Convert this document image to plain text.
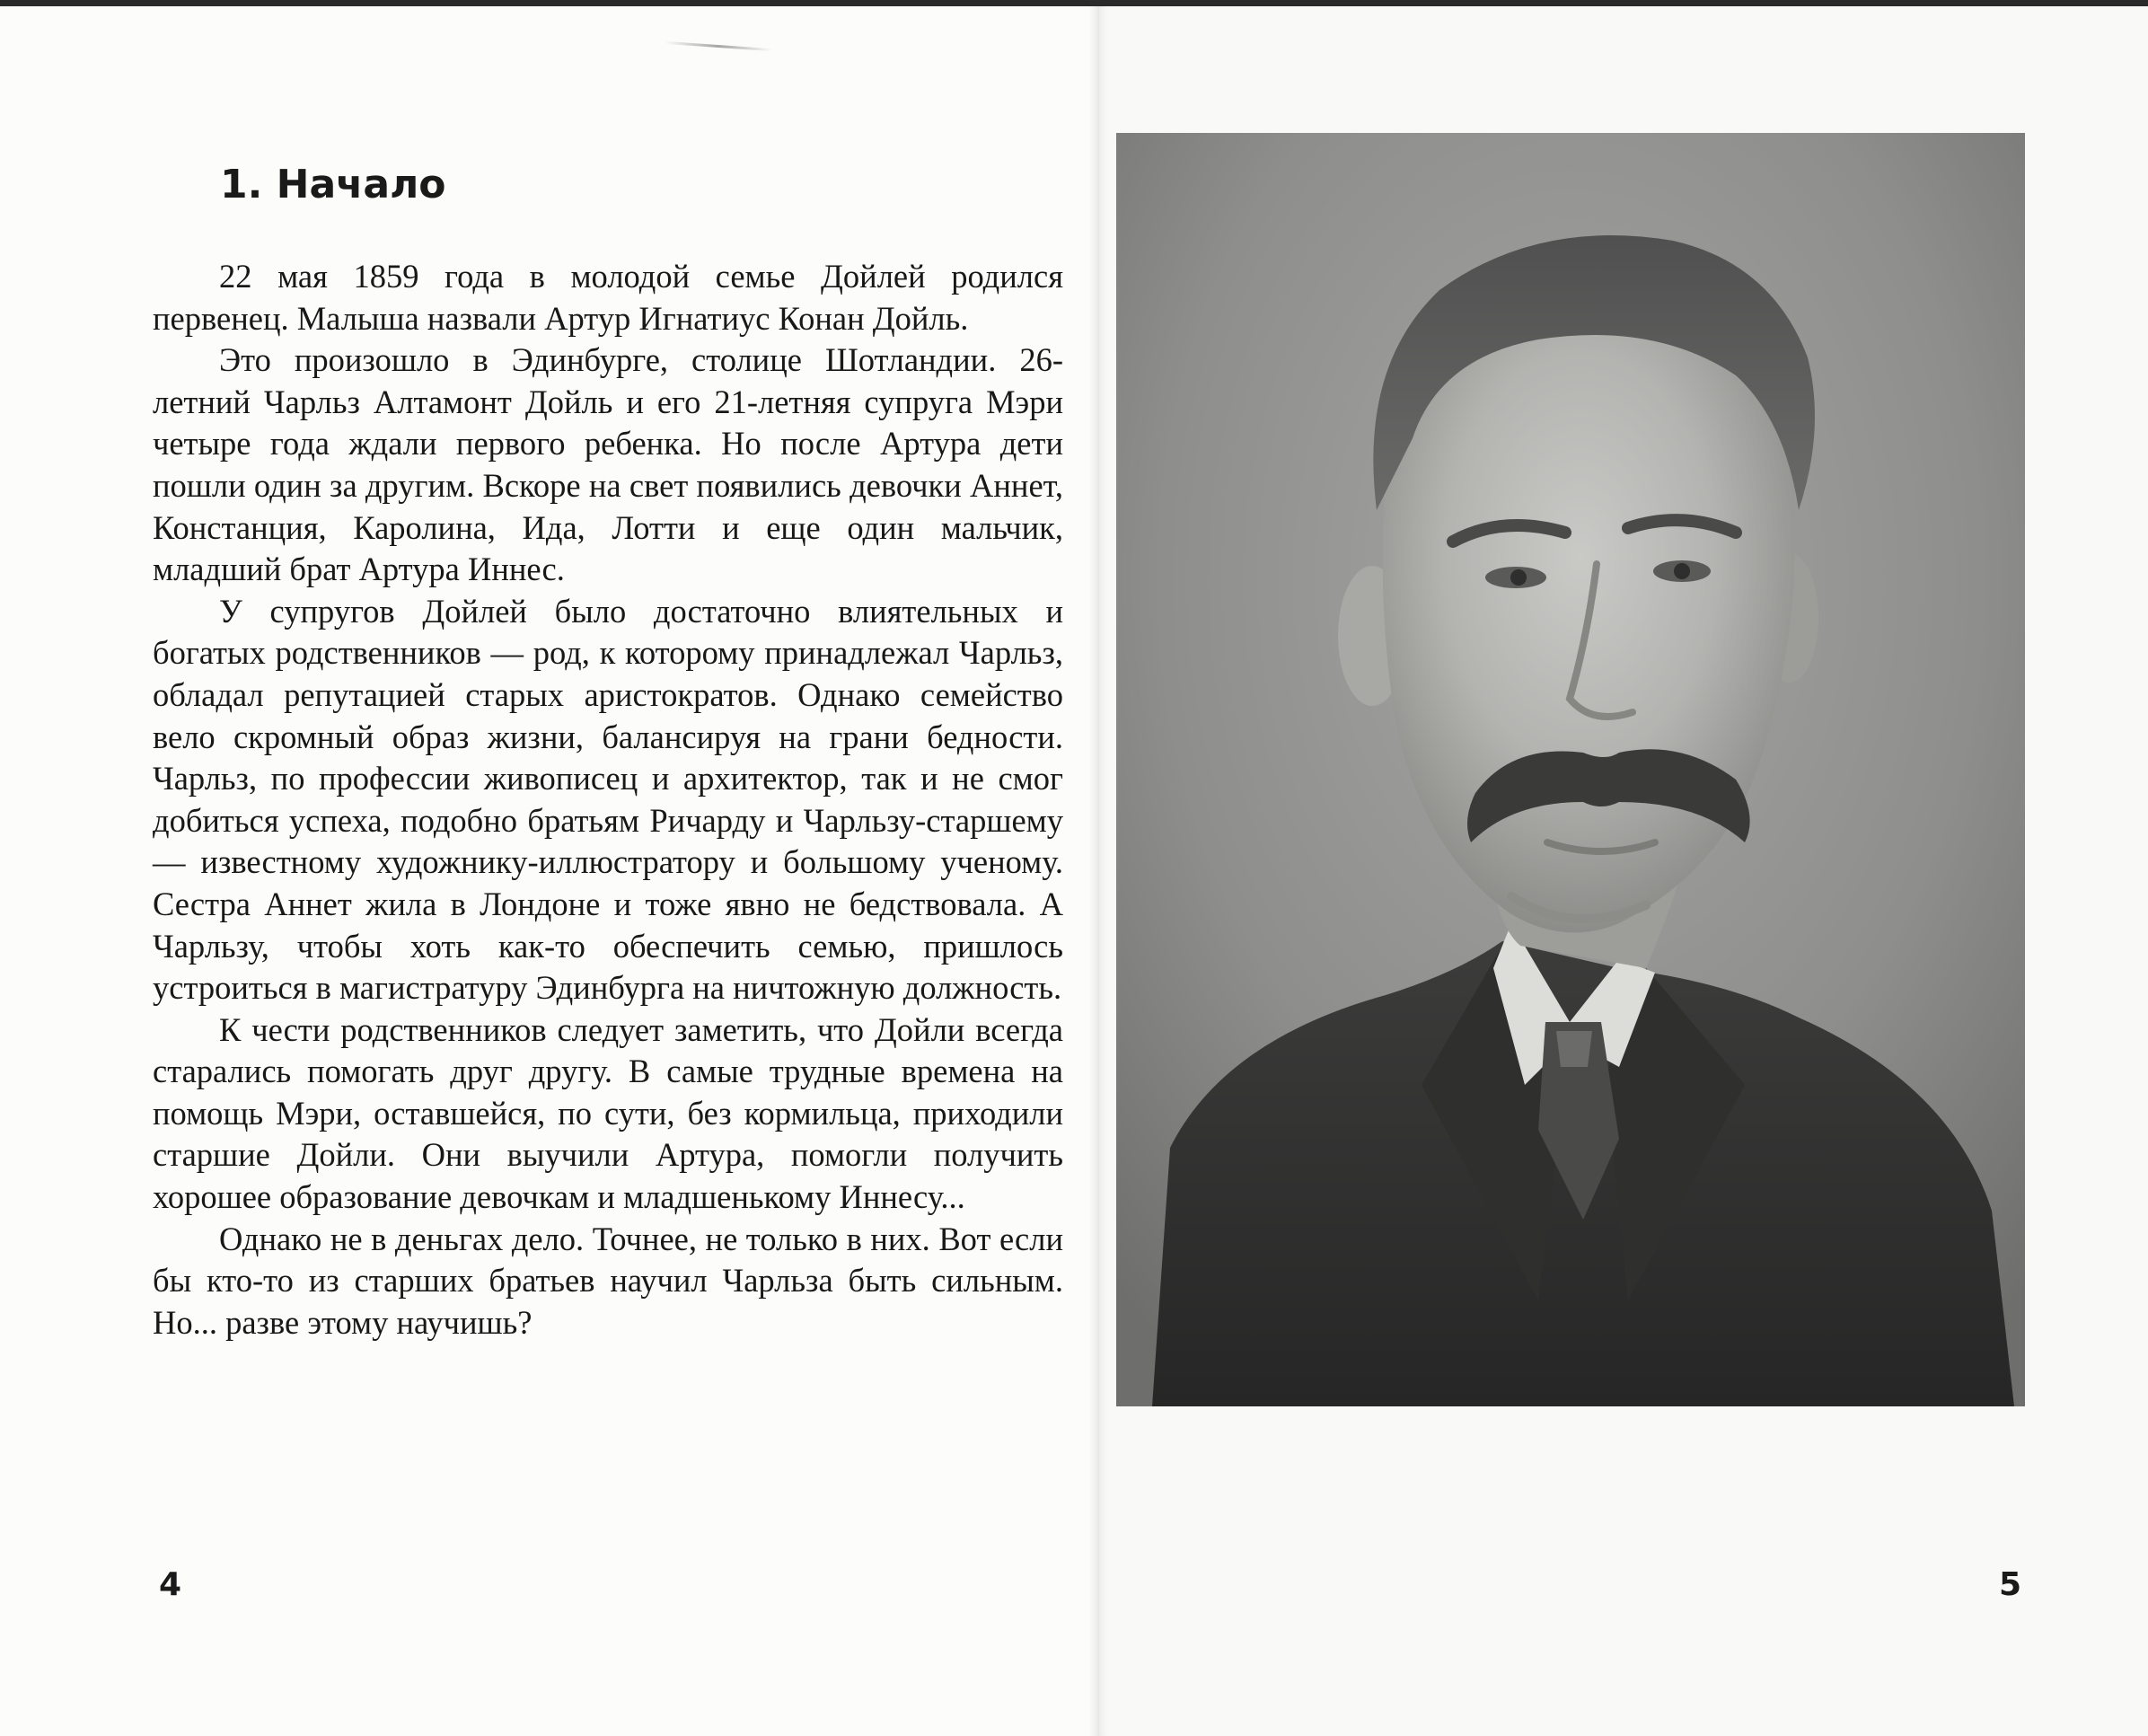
1. Начало

22 мая 1859 года в молодой семье Дойлей родился первенец. Малыша назвали Артур Игнатиус Конан Дойль.

Это произошло в Эдинбурге, столице Шотландии. 26-летний Чарльз Алтамонт Дойль и его 21-летняя супруга Мэри четыре года ждали первого ребенка. Но после Артура дети пошли один за другим. Вскоре на свет появились девочки Аннет, Констанция, Каролина, Ида, Лотти и еще один мальчик, младший брат Артура Иннес.

У супругов Дойлей было достаточно влиятельных и богатых родственников — род, к которому принадлежал Чарльз, обладал репутацией старых аристократов. Однако семейство вело скромный образ жизни, балансируя на грани бедности. Чарльз, по профессии живописец и архитектор, так и не смог добиться успеха, подобно братьям Ричарду и Чарльзу-старшему — известному художнику-иллюстратору и большому ученому. Сестра Аннет жила в Лондоне и тоже явно не бедствовала. А Чарльзу, чтобы хоть как-то обеспечить семью, пришлось устроиться в магистратуру Эдинбурга на ничтожную должность.

К чести родственников следует заметить, что Дойли всегда старались помогать друг другу. В самые трудные времена на помощь Мэри, оставшейся, по сути, без кормильца, приходили старшие Дойли. Они выучили Артура, помогли получить хорошее образование девочкам и младшенькому Иннесу...

Однако не в деньгах дело. Точнее, не только в них. Вот если бы кто-то из старших братьев научил Чарльза быть сильным. Но... разве этому научишь?

4	5
